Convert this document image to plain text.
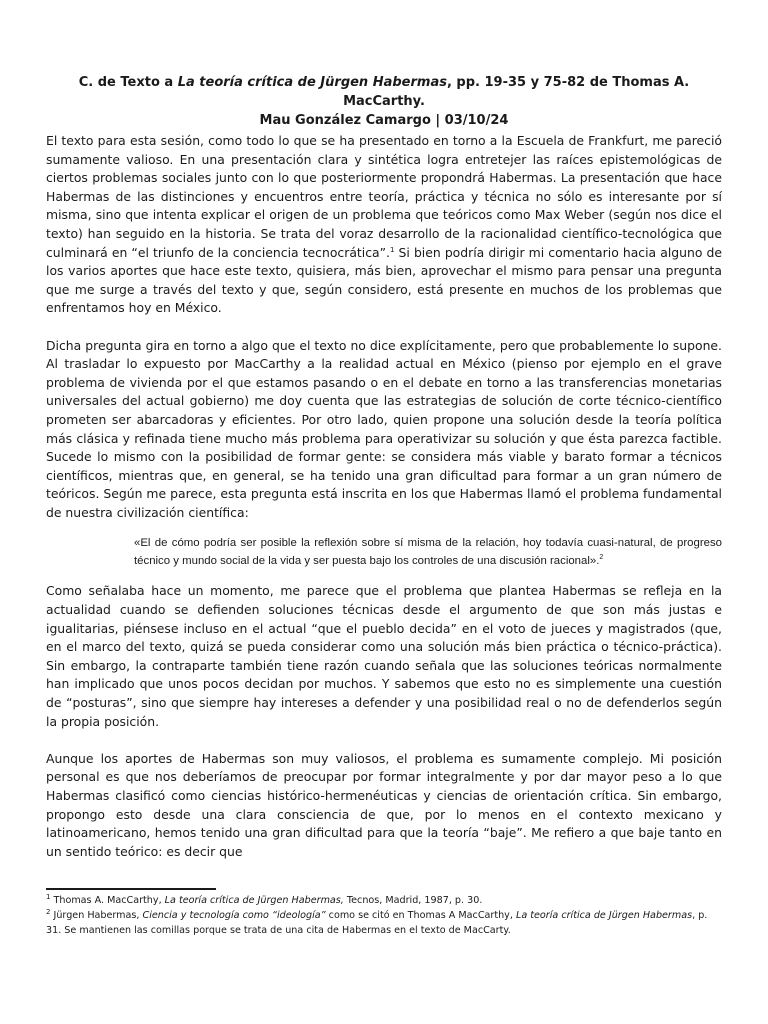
C. de Texto a La teoría crítica de Jürgen Habermas, pp. 19-35 y 75-82 de Thomas A. MacCarthy.
Mau González Camargo | 03/10/24

El texto para esta sesión, como todo lo que se ha presentado en torno a la Escuela de Frankfurt, me pareció sumamente valioso. En una presentación clara y sintética logra entretejer las raíces epistemológicas de ciertos problemas sociales junto con lo que posteriormente propondrá Habermas. La presentación que hace Habermas de las distinciones y encuentros entre teoría, práctica y técnica no sólo es interesante por sí misma, sino que intenta explicar el origen de un problema que teóricos como Max Weber (según nos dice el texto) han seguido en la historia. Se trata del voraz desarrollo de la racionalidad científico-tecnológica que culminará en “el triunfo de la conciencia tecnocrática”.$^1$ Si bien podría dirigir mi comentario hacia alguno de los varios aportes que hace este texto, quisiera, más bien, aprovechar el mismo para pensar una pregunta que me surge a través del texto y que, según considero, está presente en muchos de los problemas que enfrentamos hoy en México.

Dicha pregunta gira en torno a algo que el texto no dice explícitamente, pero que probablemente lo supone. Al trasladar lo expuesto por MacCarthy a la realidad actual en México (pienso por ejemplo en el grave problema de vivienda por el que estamos pasando o en el debate en torno a las transferencias monetarias universales del actual gobierno) me doy cuenta que las estrategias de solución de corte técnico-científico prometen ser abarcadoras y eficientes. Por otro lado, quien propone una solución desde la teoría política más clásica y refinada tiene mucho más problema para operativizar su solución y que ésta parezca factible. Sucede lo mismo con la posibilidad de formar gente: se considera más viable y barato formar a técnicos científicos, mientras que, en general, se ha tenido una gran dificultad para formar a un gran número de teóricos. Según me parece, esta pregunta está inscrita en los que Habermas llamó el problema fundamental de nuestra civilización científica:

«El de cómo podría ser posible la reflexión sobre sí misma de la relación, hoy todavía cuasi-natural, de progreso técnico y mundo social de la vida y ser puesta bajo los controles de una discusión racional».$^2$

Como señalaba hace un momento, me parece que el problema que plantea Habermas se refleja en la actualidad cuando se defienden soluciones técnicas desde el argumento de que son más justas e igualitarias, piénsese incluso en el actual “que el pueblo decida” en el voto de jueces y magistrados (que, en el marco del texto, quizá se pueda considerar como una solución más bien práctica o técnico-práctica). Sin embargo, la contraparte también tiene razón cuando señala que las soluciones teóricas normalmente han implicado que unos pocos decidan por muchos. Y sabemos que esto no es simplemente una cuestión de “posturas”, sino que siempre hay intereses a defender y una posibilidad real o no de defenderlos según la propia posición.

Aunque los aportes de Habermas son muy valiosos, el problema es sumamente complejo. Mi posición personal es que nos deberíamos de preocupar por formar integralmente y por dar mayor peso a lo que Habermas clasificó como ciencias histórico-hermenéuticas y ciencias de orientación crítica. Sin embargo, propongo esto desde una clara consciencia de que, por lo menos en el contexto mexicano y latinoamericano, hemos tenido una gran dificultad para que la teoría “baje”. Me refiero a que baje tanto en un sentido teórico: es decir que

$^1$ Thomas A. MacCarthy, La teoría crítica de Jürgen Habermas, Tecnos, Madrid, 1987, p. 30.

$^2$ Jürgen Habermas, Ciencia y tecnología como “ideología” como se citó en Thomas A MacCarthy, La teoría crítica de Jürgen Habermas, p. 31. Se mantienen las comillas porque se trata de una cita de Habermas en el texto de MacCarty.
